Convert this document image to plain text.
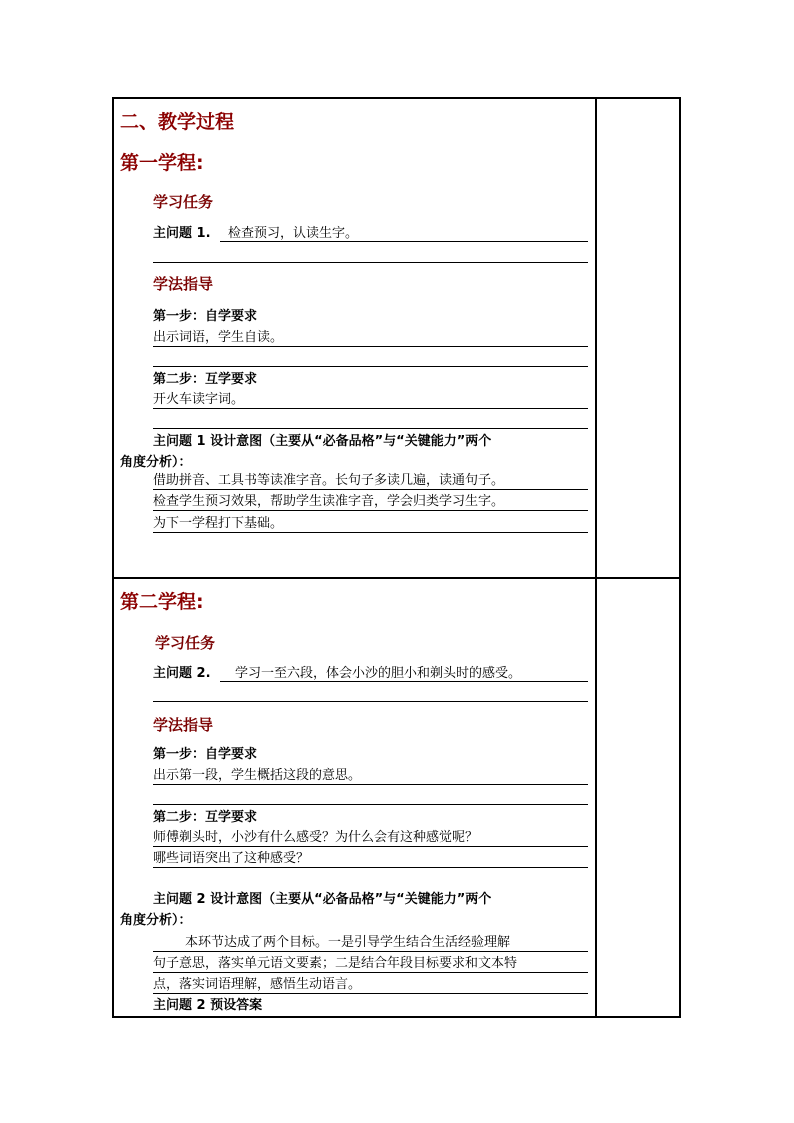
二、教学过程
第一学程:
学习任务
主问题 1. 检查预习，认读生字。
学法指导
第一步：自学要求
出示词语，学生自读。
第二步：互学要求
开火车读字词。
主问题 1 设计意图（主要从“必备品格”与“关键能力”两个
角度分析）：
借助拼音、工具书等读准字音。长句子多读几遍，读通句子。
检查学生预习效果，帮助学生读准字音，学会归类学习生字。
为下一学程打下基础。
第二学程:
学习任务
主问题 2. 学习一至六段，体会小沙的胆小和剃头时的感受。
学法指导
第一步：自学要求
出示第一段，学生概括这段的意思。
第二步：互学要求
师傅剃头时，小沙有什么感受？为什么会有这种感觉呢？
哪些词语突出了这种感受？
主问题 2 设计意图（主要从“必备品格”与“关键能力”两个
角度分析）：
本环节达成了两个目标。一是引导学生结合生活经验理解
句子意思，落实单元语文要素；二是结合年段目标要求和文本特
点，落实词语理解，感悟生动语言。
主问题 2 预设答案
